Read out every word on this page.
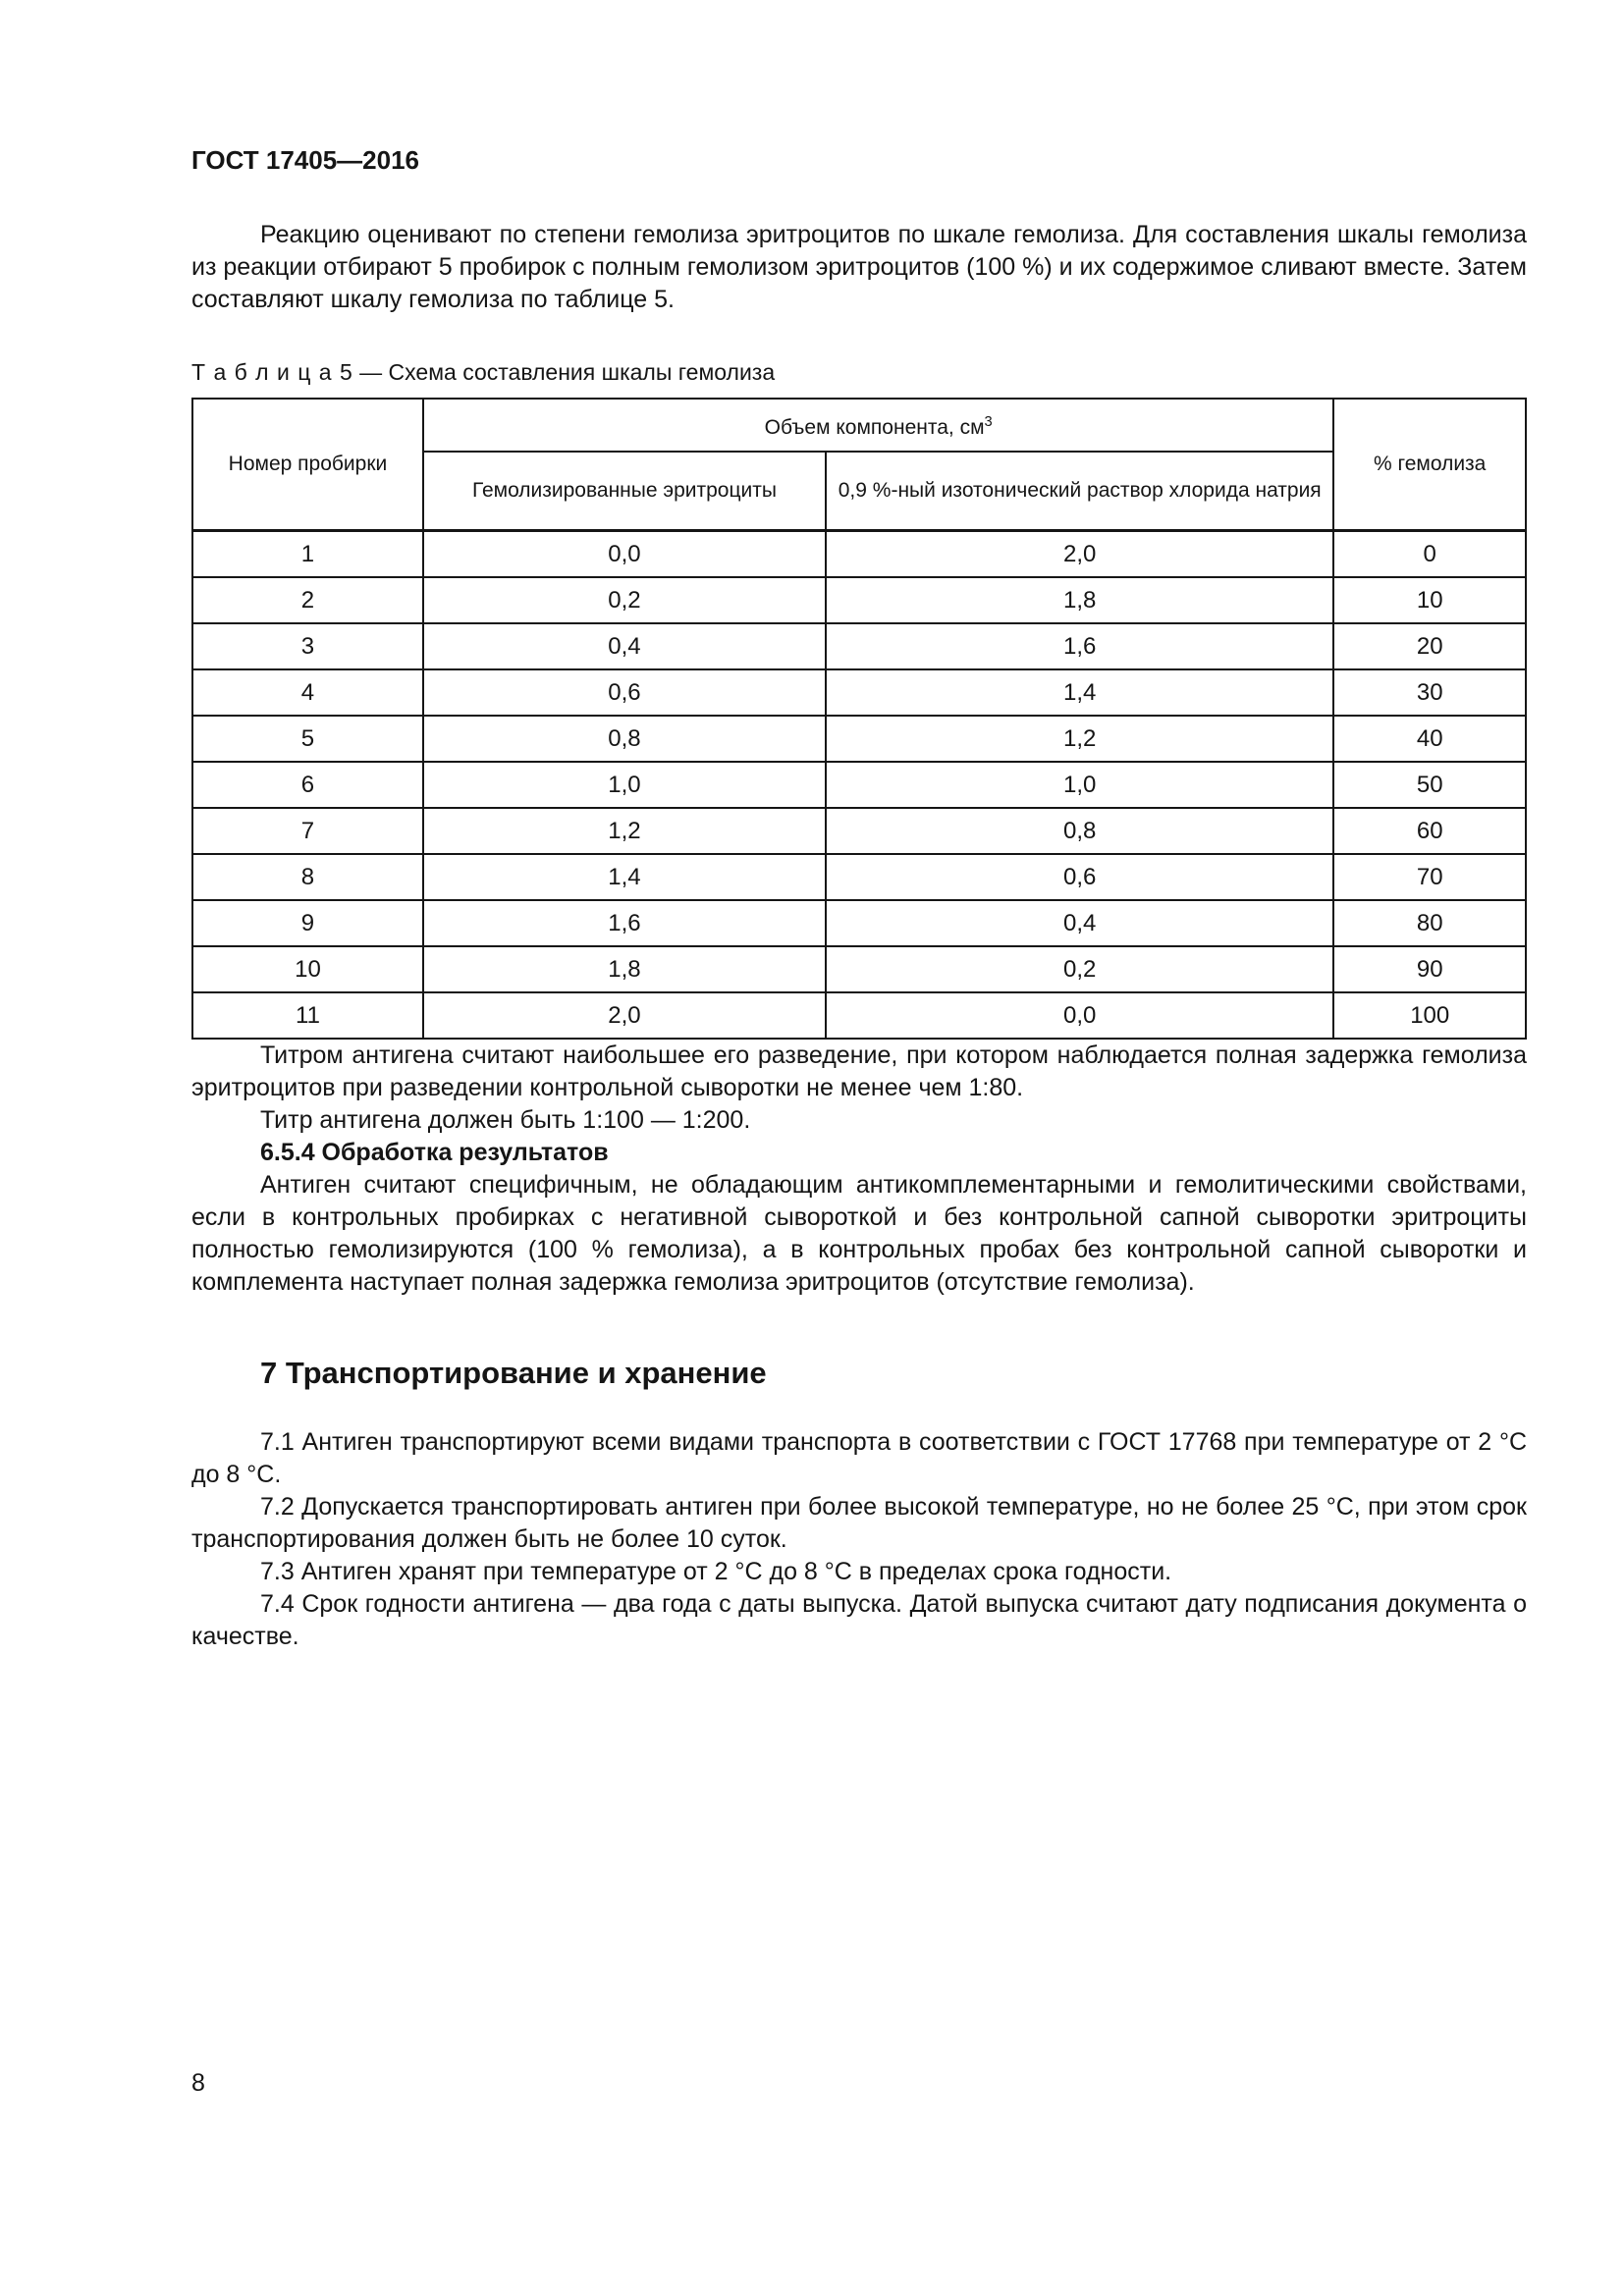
ГОСТ 17405—2016

Реакцию оценивают по степени гемолиза эритроцитов по шкале гемолиза. Для составления шкалы гемолиза из реакции отбирают 5 пробирок с полным гемолизом эритроцитов (100 %) и их содержимое сливают вместе. Затем составляют шкалу гемолиза по таблице 5.

Т а б л и ц а 5 — Схема составления шкалы гемолиза
Номер пробирки	Объем компонента, $см^3$		% гемолиза
	Гемолизированные эритроциты	0,9 %-ный изотонический раствор хлорида натрия	
1	0,0	2,0	0
2	0,2	1,8	10
3	0,4	1,6	20
4	0,6	1,4	30
5	0,8	1,2	40
6	1,0	1,0	50
7	1,2	0,8	60
8	1,4	0,6	70
9	1,6	0,4	80
10	1,8	0,2	90
11	2,0	0,0	100

Титром антигена считают наибольшее его разведение, при котором наблюдается полная задержка гемолиза эритроцитов при разведении контрольной сыворотки не менее чем 1:80.

Титр антигена должен быть 1:100 — 1:200.

6.5.4 Обработка результатов

Антиген считают специфичным, не обладающим антикомплементарными и гемолитическими свойствами, если в контрольных пробирках с негативной сывороткой и без контрольной сапной сыворотки эритроциты полностью гемолизируются (100 % гемолиза), а в контрольных пробах без контрольной сапной сыворотки и комплемента наступает полная задержка гемолиза эритроцитов (отсутствие гемолиза).

7 Транспортирование и хранение

7.1 Антиген транспортируют всеми видами транспорта в соответствии с ГОСТ 17768 при температуре от 2 °С до 8 °С.

7.2 Допускается транспортировать антиген при более высокой температуре, но не более 25 °С, при этом срок транспортирования должен быть не более 10 суток.

7.3 Антиген хранят при температуре от 2 °С до 8 °С в пределах срока годности.

7.4 Срок годности антигена — два года с даты выпуска. Датой выпуска считают дату подписания документа о качестве.

8
